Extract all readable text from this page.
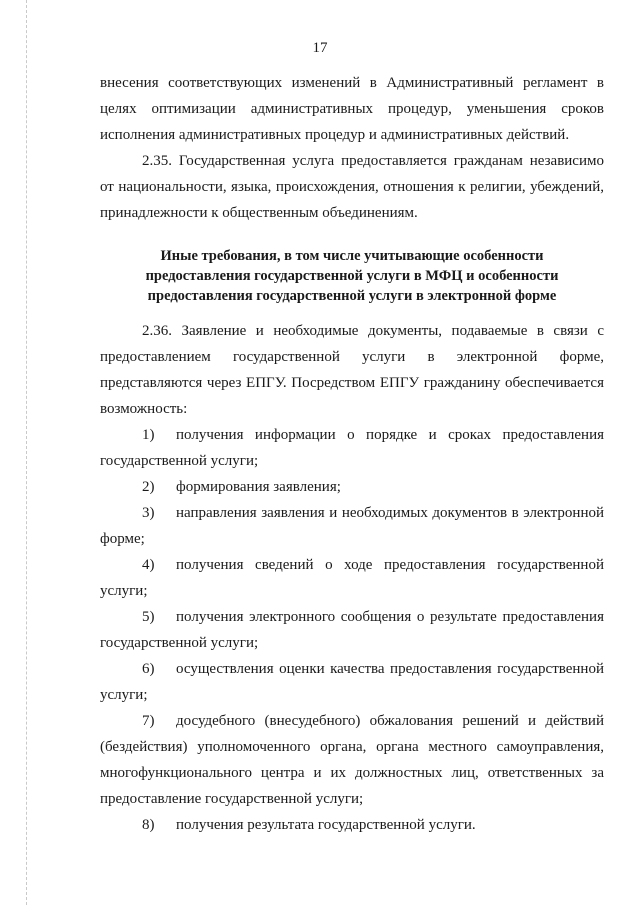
17

внесения соответствующих изменений в Административный регламент в целях оптимизации административных процедур, уменьшения сроков исполнения административных процедур и административных действий.

2.35. Государственная услуга предоставляется гражданам независимо от национальности, языка, происхождения, отношения к религии, убеждений, принадлежности к общественным объединениям.

Иные требования, в том числе учитывающие особенности
предоставления государственной услуги в МФЦ и особенности
предоставления государственной услуги в электронной форме

2.36. Заявление и необходимые документы, подаваемые в связи с предоставлением государственной услуги в электронной форме, представляются через ЕПГУ. Посредством ЕПГУ гражданину обеспечивается возможность:

1) получения информации о порядке и сроках предоставления государственной услуги;

2) формирования заявления;

3) направления заявления и необходимых документов в электронной форме;

4) получения сведений о ходе предоставления государственной услуги;

5) получения электронного сообщения о результате предоставления государственной услуги;

6) осуществления оценки качества предоставления государственной услуги;

7) досудебного (внесудебного) обжалования решений и действий (бездействия) уполномоченного органа, органа местного самоуправления, многофункционального центра и их должностных лиц, ответственных за предоставление государственной услуги;

8) получения результата государственной услуги.
